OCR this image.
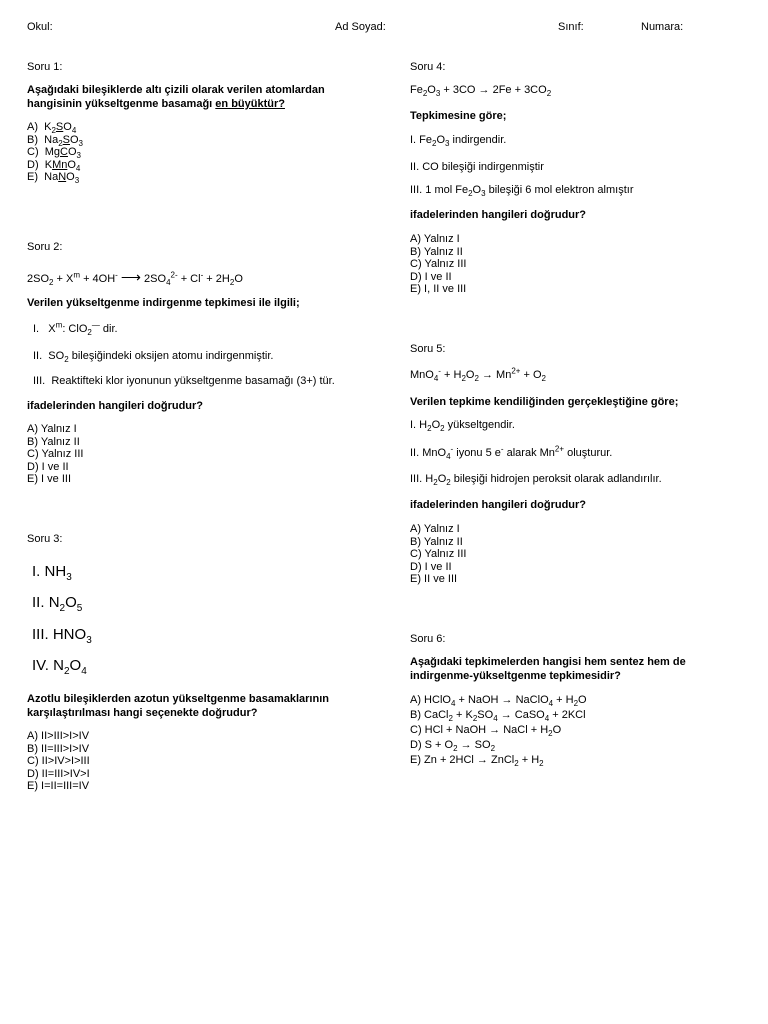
Okul:	Ad Soyad:	Sınıf:	Numara:
Soru 1:
Aşağıdaki bileşiklerde altı çizili olarak verilen atomlardan
hangisinin yükseltgenme basamağı en büyüktür?
A) $K_2SO_4$
B) $Na_2SO_3$
C) MgCO$_3$
D) KMnO$_4$
E) NaNO$_3$
Soru 2:
$2SO_2 + X^m + 4OH^-$ ⟶ $2SO_4^{2-} + Cl^- + 2H_2O$
Verilen yükseltgenme indirgenme tepkimesi ile ilgili;
I. $X^m$: ClO$_2$— dir.
II. $SO_2$ bileşiğindeki oksijen atomu indirgenmiştir.
III. Reaktifteki klor iyonunun yükseltgenme basamağı (3+) tür.
ifadelerinden hangileri doğrudur?
A) Yalnız I
B) Yalnız II
C) Yalnız III
D) I ve II
E) I ve III
Soru 3:
I. $NH_3$
II. $N_2O_5$
III. $HNO_3$
IV. $N_2O_4$
Azotlu bileşiklerden azotun yükseltgenme basamaklarının
karşılaştırılması hangi seçenekte doğrudur?
A) II>III>I>IV
B) II=III>I>IV
C) II>IV>I>III
D) II=III>IV>I
E) I=II=III=IV
Soru 4:
$Fe_2O_3 + 3CO \to 2Fe + 3CO_2$
Tepkimesine göre;
I. $Fe_2O_3$ indirgendir.
II. CO bileşiği indirgenmiştir
III. 1 mol $Fe_2O_3$ bileşiği 6 mol elektron almıştır
ifadelerinden hangileri doğrudur?
A) Yalnız I
B) Yalnız II
C) Yalnız III
D) I ve II
E) I, II ve III
Soru 5:
$MnO_4^- + H_2O_2 \to Mn^{2+} + O_2$
Verilen tepkime kendiliğinden gerçekleştiğine göre;
I. $H_2O_2$ yükseltgendir.
II. MnO$_4$- iyonu 5 e- alarak $Mn^{2+}$ oluşturur.
III. $H_2O_2$ bileşiği hidrojen peroksit olarak adlandırılır.
ifadelerinden hangileri doğrudur?
A) Yalnız I
B) Yalnız II
C) Yalnız III
D) I ve II
E) II ve III
Soru 6:
Aşağıdaki tepkimelerden hangisi hem sentez hem de
indirgenme-yükseltgenme tepkimesidir?
A) HClO$_4$ + NaOH → NaClO$_4$ + $H_2O$
B) CaCl$_2$ + $K_2SO_4$ → CaSO$_4$ + 2KCl
C) HCl + NaOH → NaCl + $H_2O$
D) $S + O_2 \to SO_2$
E) Zn + 2HCl → ZnCl$_2$ + $H_2$
